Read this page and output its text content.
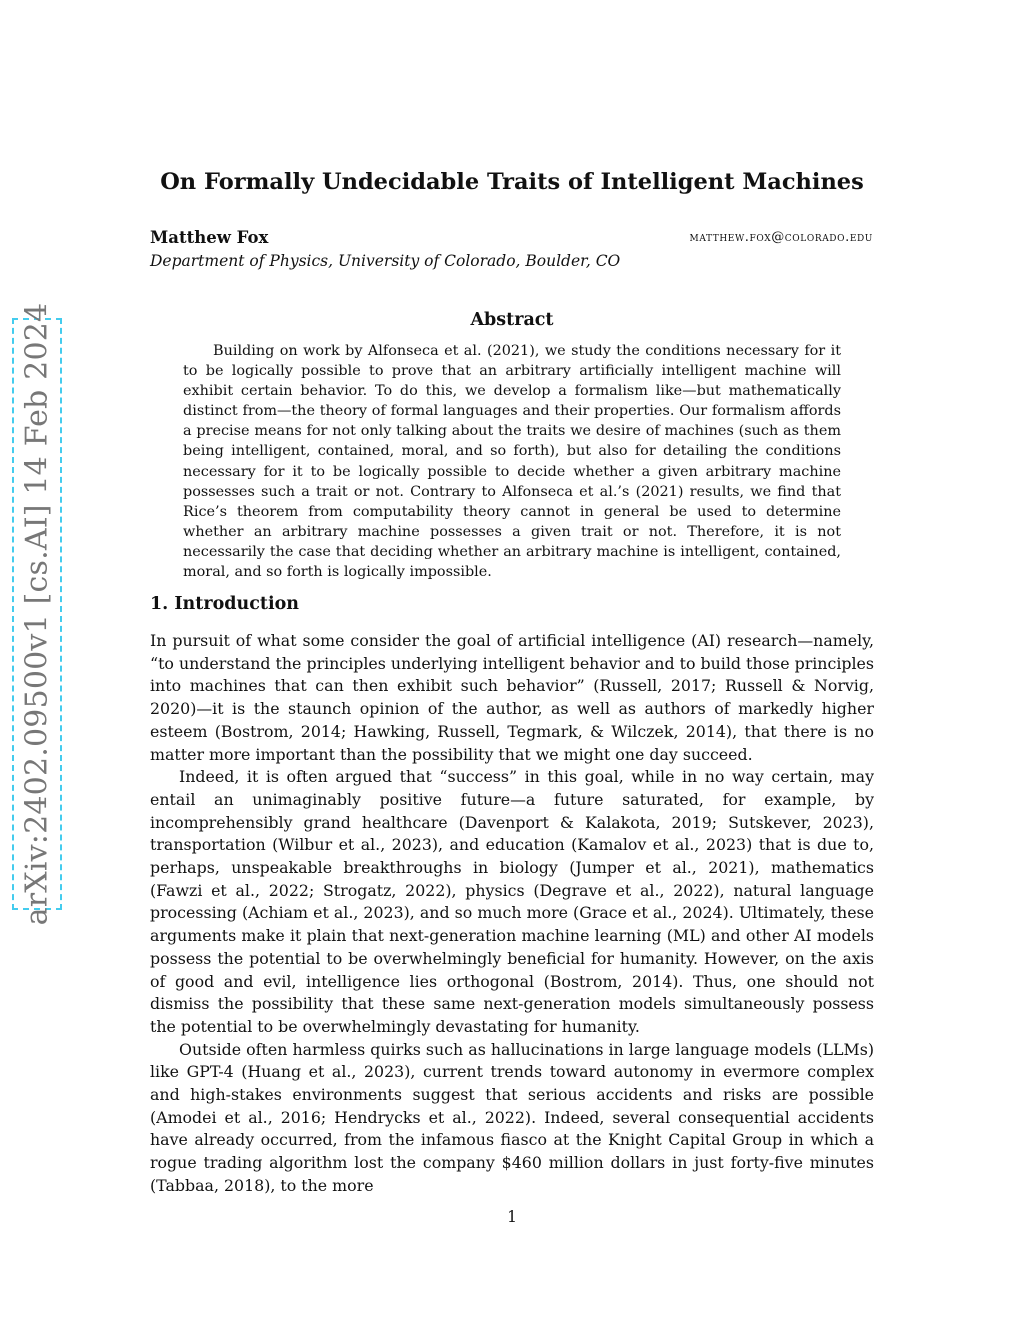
arXiv:2402.09500v1 [cs.AI] 14 Feb 2024
On Formally Undecidable Traits of Intelligent Machines
Matthew Fox	matthew.fox@colorado.edu
Department of Physics, University of Colorado, Boulder, CO
Abstract

Building on work by Alfonseca et al. (2021), we study the conditions necessary for it to be logically possible to prove that an arbitrary artificially intelligent machine will exhibit certain behavior. To do this, we develop a formalism like—but mathematically distinct from—the theory of formal languages and their properties. Our formalism affords a precise means for not only talking about the traits we desire of machines (such as them being intelligent, contained, moral, and so forth), but also for detailing the conditions necessary for it to be logically possible to decide whether a given arbitrary machine possesses such a trait or not. Contrary to Alfonseca et al.’s (2021) results, we find that Rice’s theorem from computability theory cannot in general be used to determine whether an arbitrary machine possesses a given trait or not. Therefore, it is not necessarily the case that deciding whether an arbitrary machine is intelligent, contained, moral, and so forth is logically impossible.

1. Introduction

In pursuit of what some consider the goal of artificial intelligence (AI) research—namely, “to understand the principles underlying intelligent behavior and to build those principles into machines that can then exhibit such behavior” (Russell, 2017; Russell & Norvig, 2020)—it is the staunch opinion of the author, as well as authors of markedly higher esteem (Bostrom, 2014; Hawking, Russell, Tegmark, & Wilczek, 2014), that there is no matter more important than the possibility that we might one day succeed.

Indeed, it is often argued that “success” in this goal, while in no way certain, may entail an unimaginably positive future—a future saturated, for example, by incomprehensibly grand healthcare (Davenport & Kalakota, 2019; Sutskever, 2023), transportation (Wilbur et al., 2023), and education (Kamalov et al., 2023) that is due to, perhaps, unspeakable breakthroughs in biology (Jumper et al., 2021), mathematics (Fawzi et al., 2022; Strogatz, 2022), physics (Degrave et al., 2022), natural language processing (Achiam et al., 2023), and so much more (Grace et al., 2024). Ultimately, these arguments make it plain that next-generation machine learning (ML) and other AI models possess the potential to be overwhelmingly beneficial for humanity. However, on the axis of good and evil, intelligence lies orthogonal (Bostrom, 2014). Thus, one should not dismiss the possibility that these same next-generation models simultaneously possess the potential to be overwhelmingly devastating for humanity.

Outside often harmless quirks such as hallucinations in large language models (LLMs) like GPT-4 (Huang et al., 2023), current trends toward autonomy in evermore complex and high-stakes environments suggest that serious accidents and risks are possible (Amodei et al., 2016; Hendrycks et al., 2022). Indeed, several consequential accidents have already occurred, from the infamous fiasco at the Knight Capital Group in which a rogue trading algorithm lost the company $460 million dollars in just forty-five minutes (Tabbaa, 2018), to the more

1
